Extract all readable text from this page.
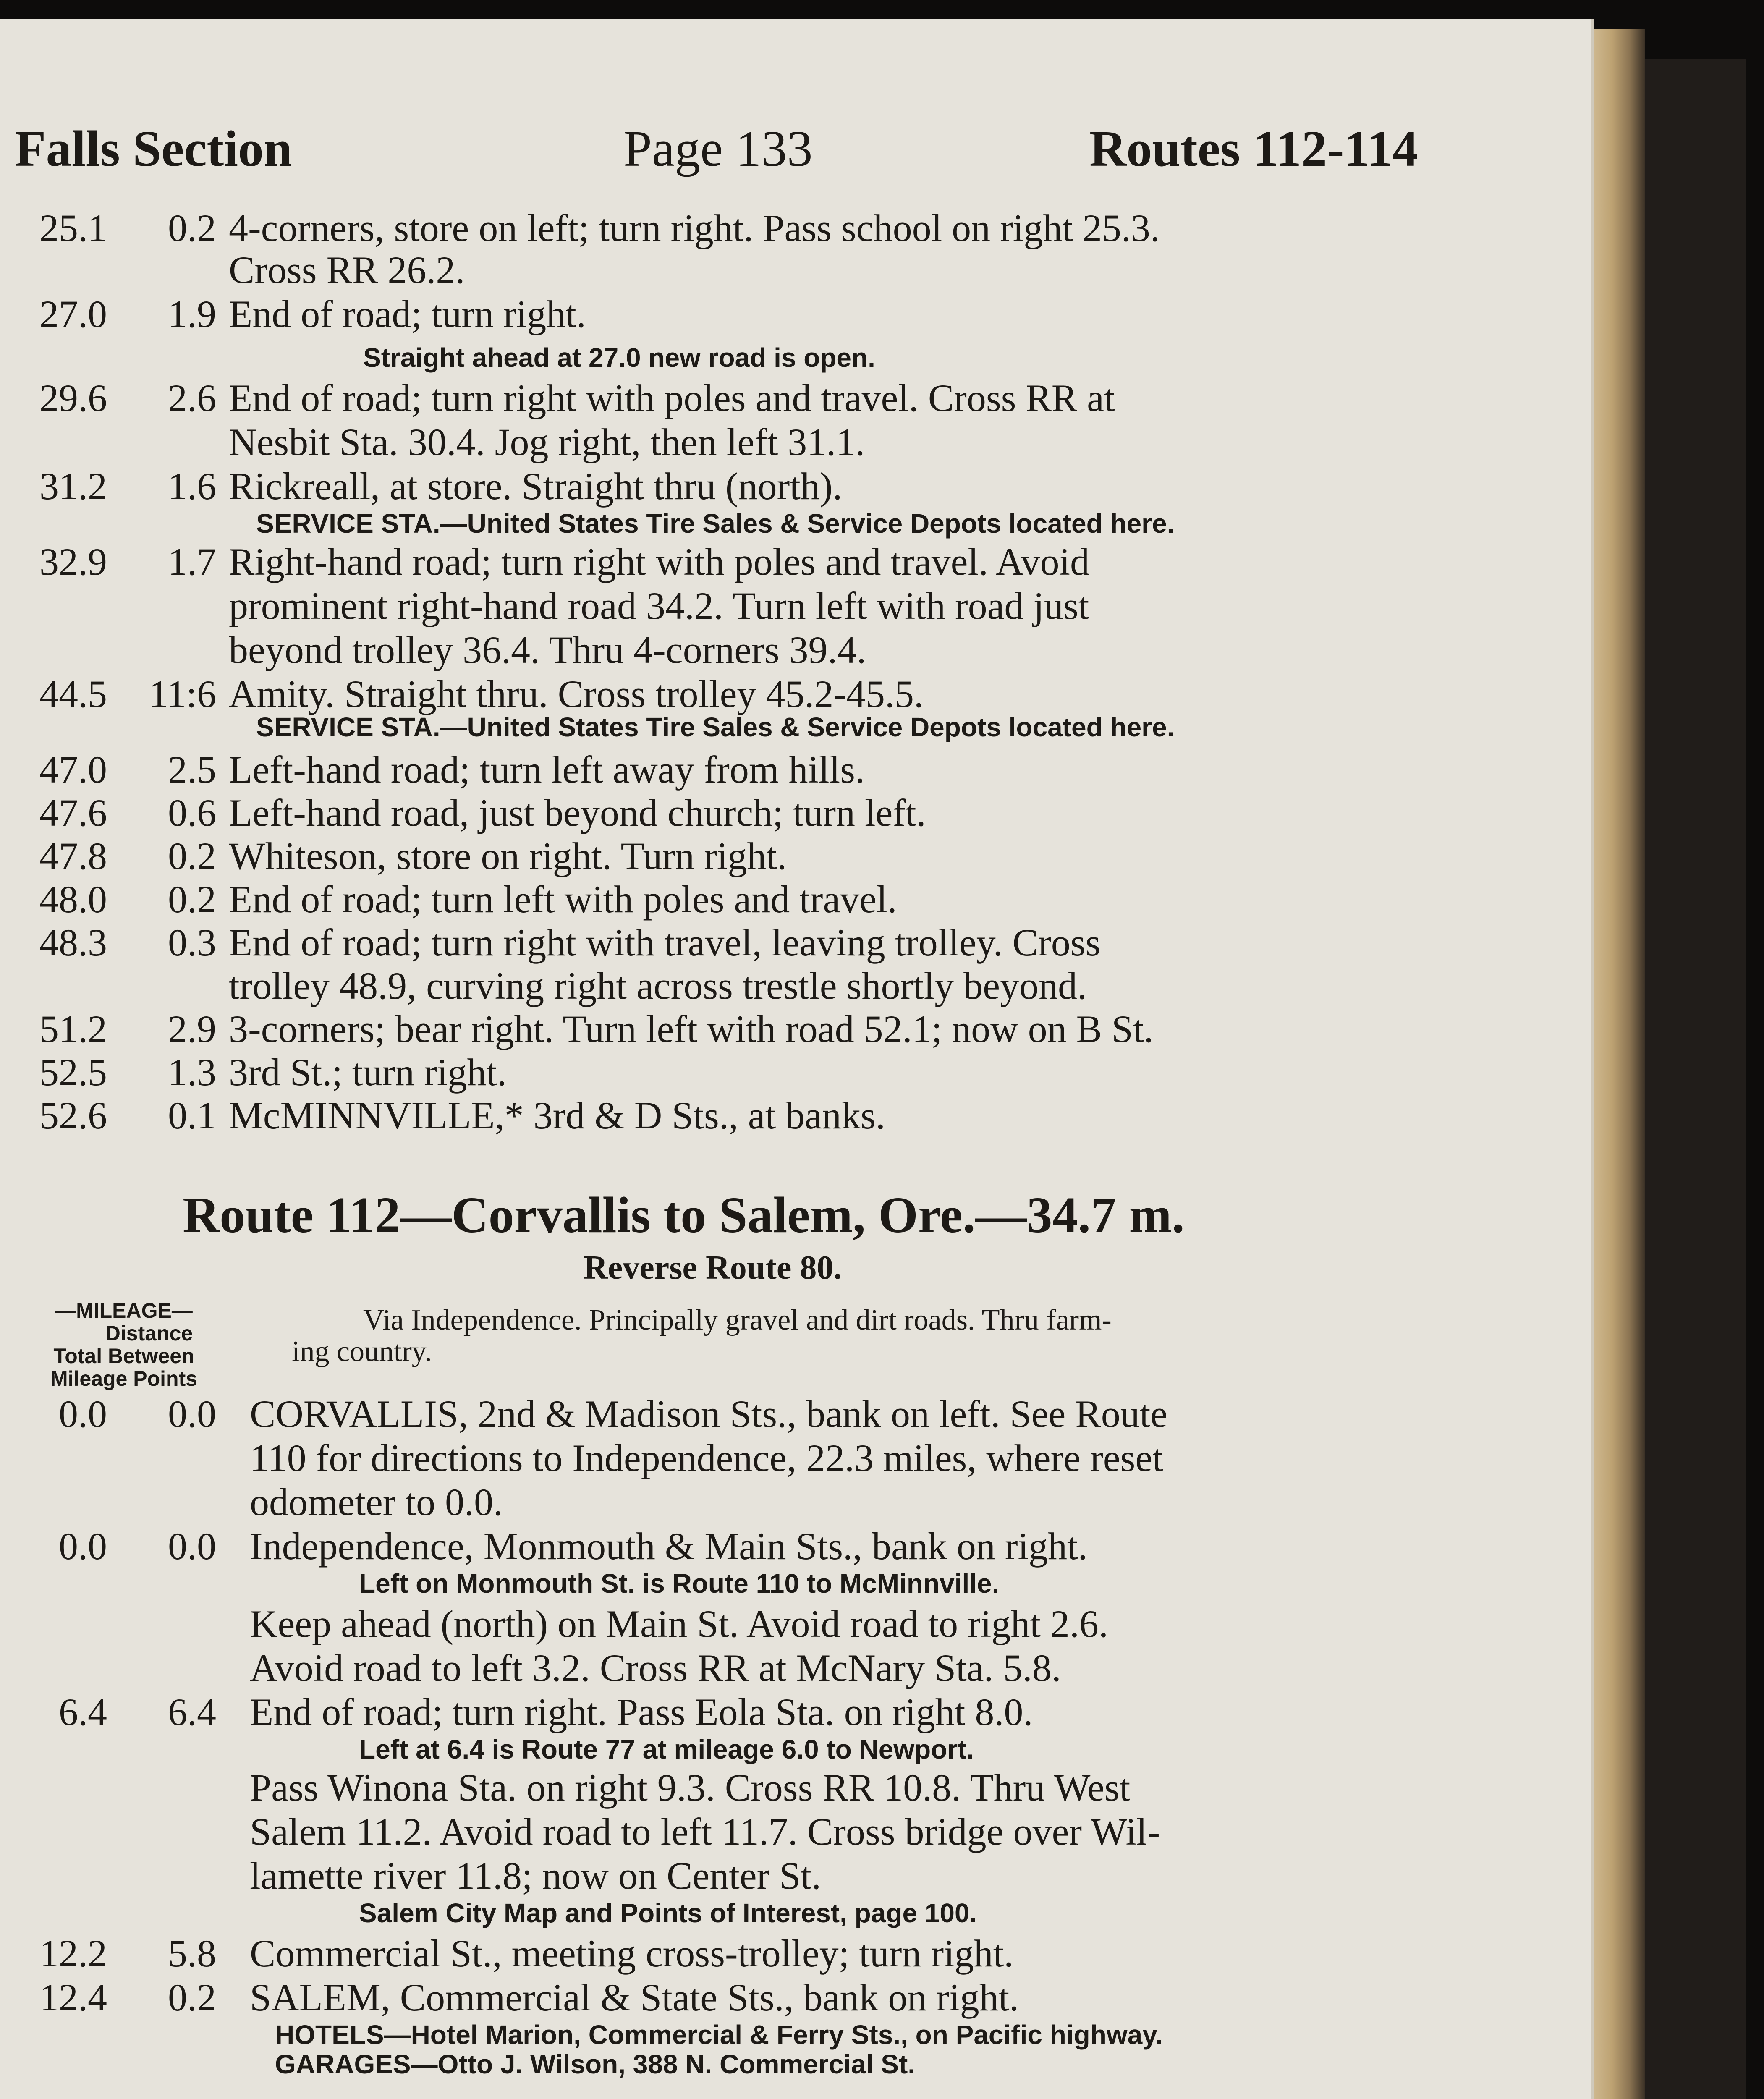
Falls Section	Page 133	Routes 112-114
25.1	0.2 4-corners, store on left; turn right. Pass school on right 25.3.
Cross RR 26.2.
27.0	1.9 End of road; turn right.
Straight ahead at 27.0 new road is open.
29.6	2.6 End of road; turn right with poles and travel. Cross RR at
Nesbit Sta. 30.4. Jog right, then left 31.1.
31.2	1.6 Rickreall, at store. Straight thru (north).
SERVICE STA.—United States Tire Sales & Service Depots located here.
32.9	1.7 Right-hand road; turn right with poles and travel. Avoid
prominent right-hand road 34.2. Turn left with road just
beyond trolley 36.4. Thru 4-corners 39.4.
44.5	11:6 Amity. Straight thru. Cross trolley 45.2-45.5.
SERVICE STA.—United States Tire Sales & Service Depots located here.
47.0	2.5 Left-hand road; turn left away from hills.
47.6	0.6 Left-hand road, just beyond church; turn left.
47.8	0.2 Whiteson, store on right. Turn right.
48.0	0.2 End of road; turn left with poles and travel.
48.3	0.3 End of road; turn right with travel, leaving trolley. Cross
trolley 48.9, curving right across trestle shortly beyond.
51.2	2.9 3-corners; bear right. Turn left with road 52.1; now on B St.
52.5	1.3 3rd St.; turn right.
52.6	0.1 McMINNVILLE,* 3rd & D Sts., at banks.
Route 112—Corvallis to Salem, Ore.—34.7 m.
Reverse Route 80.
—MILEAGE—
Distance
Total Between
Mileage Points
Via Independence. Principally gravel and dirt roads. Thru farm-
ing country.
0.0	0.0 CORVALLIS, 2nd & Madison Sts., bank on left. See Route
110 for directions to Independence, 22.3 miles, where reset
odometer to 0.0.
0.0	0.0 Independence, Monmouth & Main Sts., bank on right.
Left on Monmouth St. is Route 110 to McMinnville.
Keep ahead (north) on Main St. Avoid road to right 2.6.
Avoid road to left 3.2. Cross RR at McNary Sta. 5.8.
6.4	6.4 End of road; turn right. Pass Eola Sta. on right 8.0.
Left at 6.4 is Route 77 at mileage 6.0 to Newport.
Pass Winona Sta. on right 9.3. Cross RR 10.8. Thru West
Salem 11.2. Avoid road to left 11.7. Cross bridge over Wil-
lamette river 11.8; now on Center St.
Salem City Map and Points of Interest, page 100.
12.2	5.8 Commercial St., meeting cross-trolley; turn right.
12.4	0.2 SALEM, Commercial & State Sts., bank on right.
HOTELS—Hotel Marion, Commercial & Ferry Sts., on Pacific highway.
GARAGES—Otto J. Wilson, 388 N. Commercial St.
